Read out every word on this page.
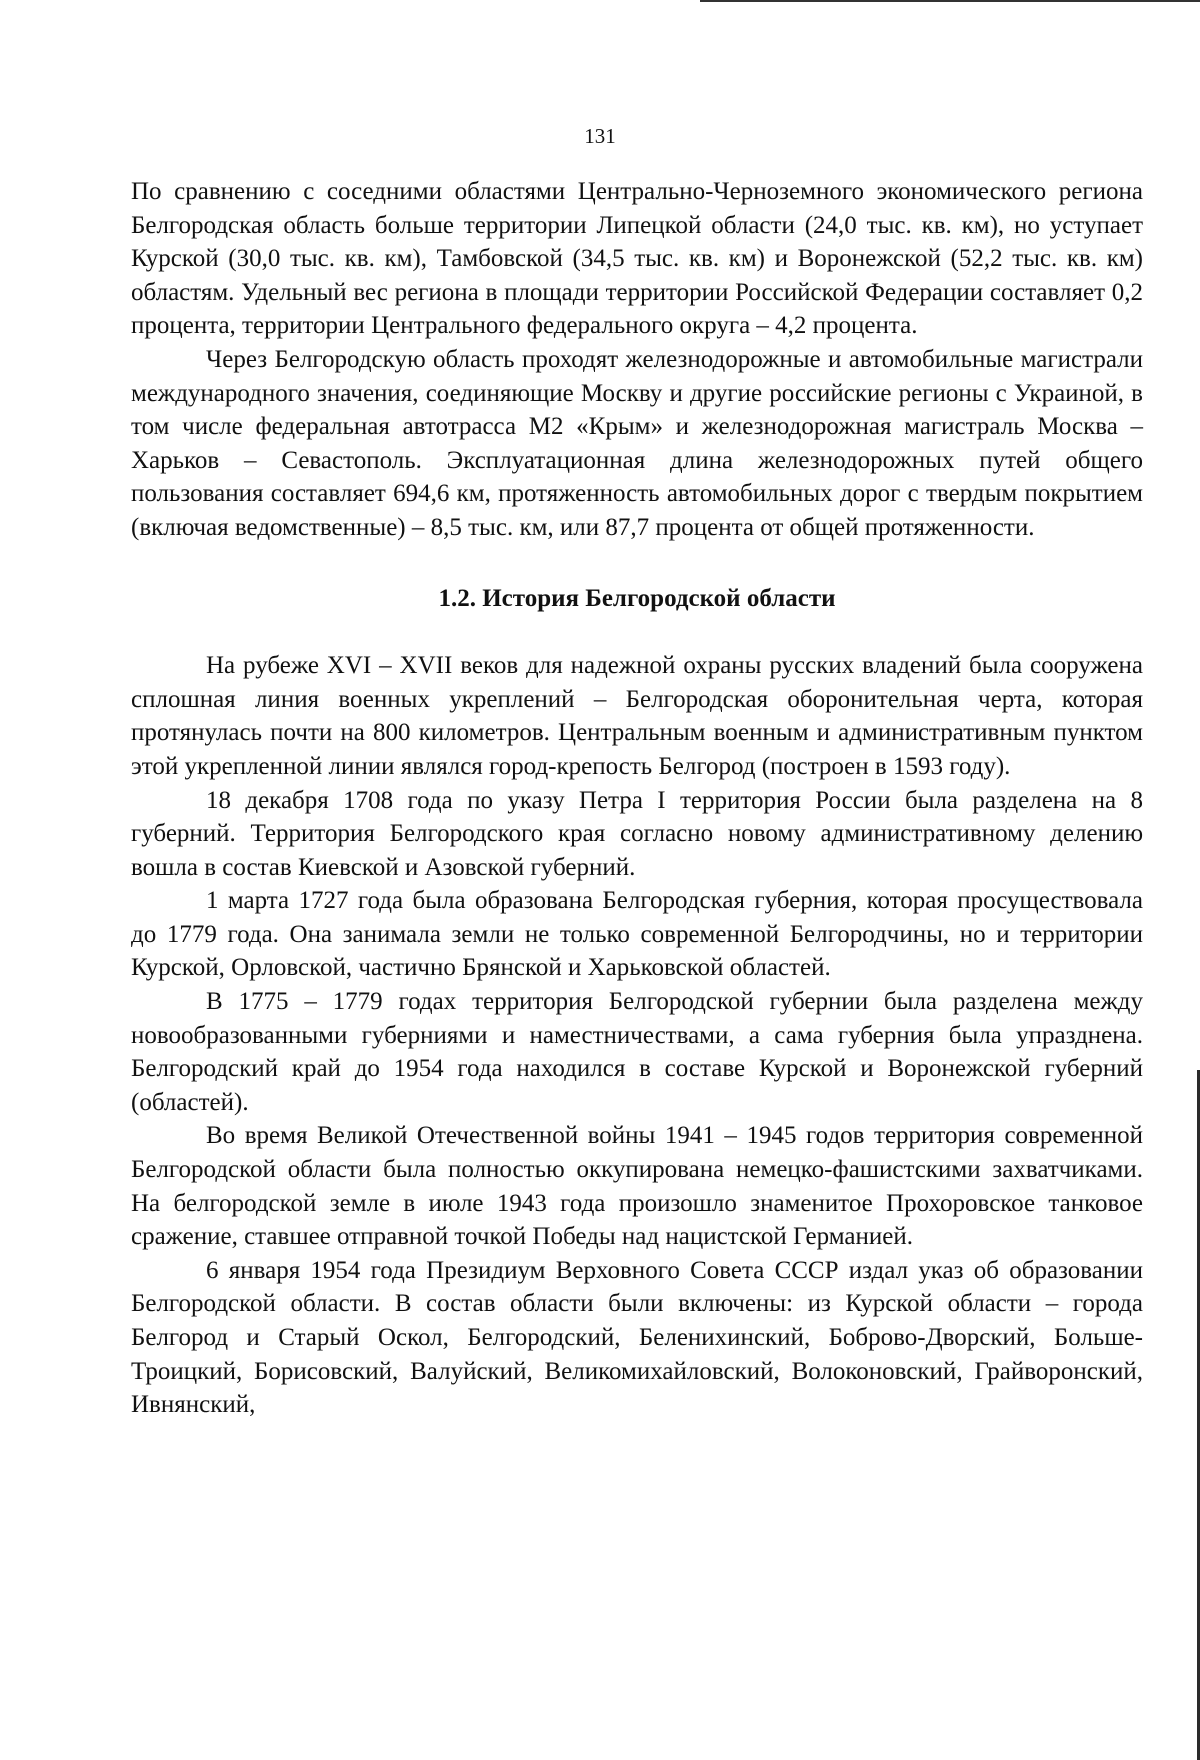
131

По сравнению с соседними областями Центрально-Черноземного экономического региона Белгородская область больше территории Липецкой области (24,0 тыс. кв. км), но уступает Курской (30,0 тыс. кв. км), Тамбовской (34,5 тыс. кв. км) и Воронежской (52,2 тыс. кв. км) областям. Удельный вес региона в площади территории Российской Федерации составляет 0,2 процента, территории Центрального федерального округа – 4,2 процента.

Через Белгородскую область проходят железнодорожные и автомобильные магистрали международного значения, соединяющие Москву и другие российские регионы с Украиной, в том числе федеральная автотрасса М2 «Крым» и железнодорожная магистраль Москва – Харьков – Севастополь. Эксплуатационная длина железнодорожных путей общего пользования составляет 694,6 км, протяженность автомобильных дорог с твердым покрытием (включая ведомственные) – 8,5 тыс. км, или 87,7 процента от общей протяженности.

1.2. История Белгородской области

На рубеже XVI – XVII веков для надежной охраны русских владений была сооружена сплошная линия военных укреплений – Белгородская оборонительная черта, которая протянулась почти на 800 километров. Центральным военным и административным пунктом этой укрепленной линии являлся город-крепость Белгород (построен в 1593 году).

18 декабря 1708 года по указу Петра I территория России была разделена на 8 губерний. Территория Белгородского края согласно новому административному делению вошла в состав Киевской и Азовской губерний.

1 марта 1727 года была образована Белгородская губерния, которая просуществовала до 1779 года. Она занимала земли не только современной Белгородчины, но и территории Курской, Орловской, частично Брянской и Харьковской областей.

В 1775 – 1779 годах территория Белгородской губернии была разделена между новообразованными губерниями и наместничествами, а сама губерния была упразднена. Белгородский край до 1954 года находился в составе Курской и Воронежской губерний (областей).

Во время Великой Отечественной войны 1941 – 1945 годов территория современной Белгородской области была полностью оккупирована немецко-фашистскими захватчиками. На белгородской земле в июле 1943 года произошло знаменитое Прохоровское танковое сражение, ставшее отправной точкой Победы над нацистской Германией.

6 января 1954 года Президиум Верховного Совета СССР издал указ об образовании Белгородской области. В состав области были включены: из Курской области – города Белгород и Старый Оскол, Белгородский, Беленихинский, Боброво-Дворский, Больше-Троицкий, Борисовский, Валуйский, Великомихайловский, Волоконовский, Грайворонский, Ивнянский,
